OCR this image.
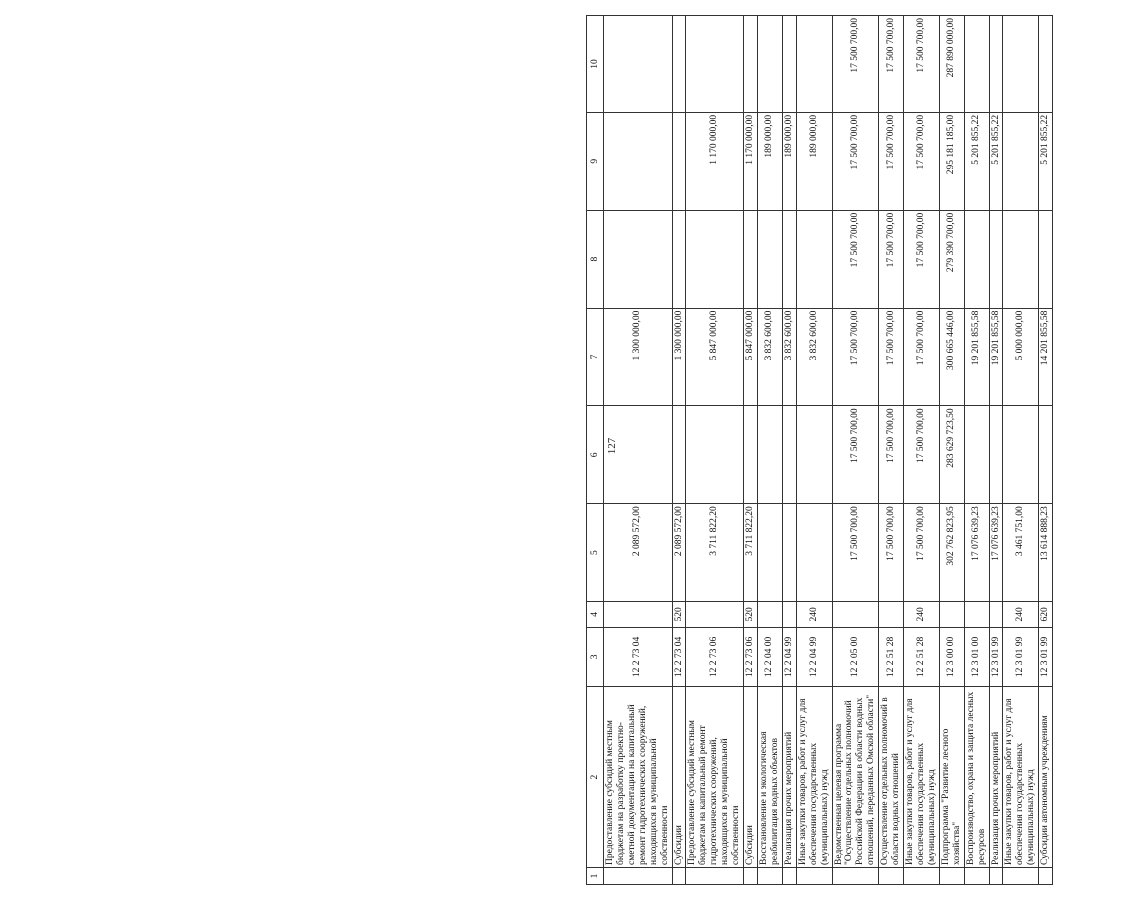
127
1	2	3	4	5	6	7	8	9	10
	Предоставление субсидий местным бюджетам на разработку проектно-сметной документации на капитальный ремонт гидротехнических сооружений, находящихся в муниципальной собственности	12 2 73 04		2 089 572,00		1 300 000,00			
	Субсидии	12 2 73 04	520	2 089 572,00		1 300 000,00			
	Предоставление субсидий местным бюджетам на капитальный ремонт гидротехнических сооружений, находящихся в муниципальной собственности	12 2 73 06		3 711 822,20		5 847 000,00		1 170 000,00	
	Субсидии	12 2 73 06	520	3 711 822,20		5 847 000,00		1 170 000,00	
	Восстановление и экологическая реабилитация водных объектов	12 2 04 00				3 832 600,00		189 000,00	
	Реализация прочих мероприятий	12 2 04 99				3 832 600,00		189 000,00	
	Иные закупки товаров, работ и услуг для обеспечения государственных (муниципальных) нужд	12 2 04 99	240			3 832 600,00		189 000,00	
	Ведомственная целевая программа "Осуществление отдельных полномочий Российской Федерации в области водных отношений, переданных Омской области"	12 2 05 00		17 500 700,00	17 500 700,00	17 500 700,00	17 500 700,00	17 500 700,00	17 500 700,00
	Осуществление отдельных полномочий в области водных отношений	12 2 51 28		17 500 700,00	17 500 700,00	17 500 700,00	17 500 700,00	17 500 700,00	17 500 700,00
	Иные закупки товаров, работ и услуг для обеспечения государственных (муниципальных) нужд	12 2 51 28	240	17 500 700,00	17 500 700,00	17 500 700,00	17 500 700,00	17 500 700,00	17 500 700,00
	Подпрограмма "Развитие лесного хозяйства"	12 3 00 00		302 762 823,95	283 629 723,50	300 665 446,00	279 390 700,00	295 181 185,00	287 890 000,00
	Воспроизводство, охрана и защита лесных ресурсов	12 3 01 00		17 076 639,23		19 201 855,58		5 201 855,22	
	Реализация прочих мероприятий	12 3 01 99		17 076 639,23		19 201 855,58		5 201 855,22	
	Иные закупки товаров, работ и услуг для обеспечения государственных (муниципальных) нужд	12 3 01 99	240	3 461 751,00		5 000 000,00			
	Субсидии автономным учреждениям	12 3 01 99	620	13 614 888,23		14 201 855,58		5 201 855,22	
